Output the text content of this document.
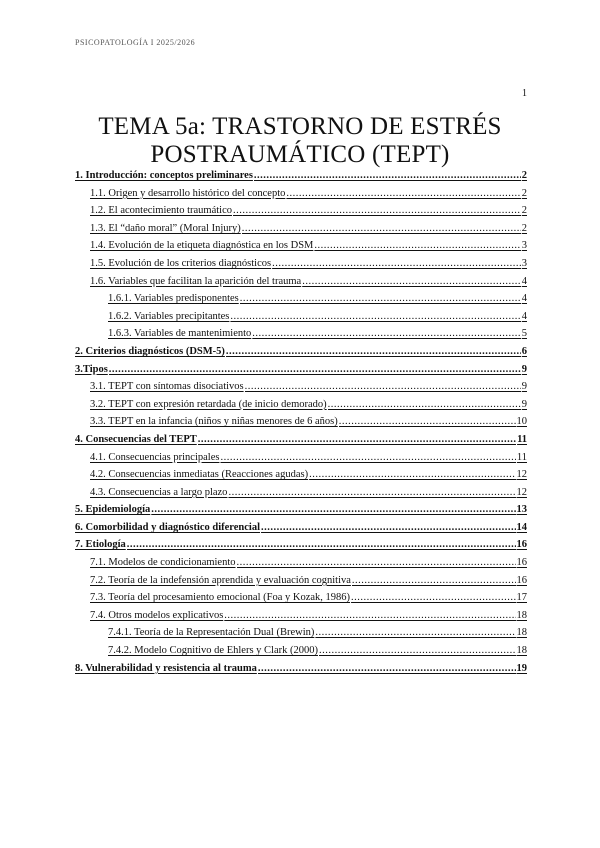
PSICOPATOLOGÍA I 2025/2026
1
TEMA 5a: TRASTORNO DE ESTRÉS
POSTRAUMÁTICO (TEPT)
1. Introducción: conceptos preliminares .....	2
1.1. Origen y desarrollo histórico del concepto .....	2
1.2. El acontecimiento traumático .....	2
1.3. El “daño moral” (Moral Injury) .....	2
1.4. Evolución de la etiqueta diagnóstica en los DSM .....	3
1.5. Evolución de los criterios diagnósticos .....	3
1.6. Variables que facilitan la aparición del trauma .....	4
1.6.1. Variables predisponentes .....	4
1.6.2. Variables precipitantes .....	4
1.6.3. Variables de mantenimiento .....	5
2. Criterios diagnósticos (DSM-5) .....	6
3.Tipos .....	9
3.1. TEPT con síntomas disociativos .....	9
3.2. TEPT con expresión retardada (de inicio demorado) .....	9
3.3. TEPT en la infancia (niños y niñas menores de 6 años) .....	10
4. Consecuencias del TEPT .....	11
4.1. Consecuencias principales .....	11
4.2. Consecuencias inmediatas (Reacciones agudas) .....	12
4.3. Consecuencias a largo plazo .....	12
5. Epidemiología .....	13
6. Comorbilidad y diagnóstico diferencial .....	14
7. Etiología .....	16
7.1. Modelos de condicionamiento .....	16
7.2. Teoría de la indefensión aprendida y evaluación cognitiva .....	16
7.3. Teoría del procesamiento emocional (Foa y Kozak, 1986) .....	17
7.4. Otros modelos explicativos .....	18
7.4.1. Teoría de la Representación Dual (Brewin) .....	18
7.4.2. Modelo Cognitivo de Ehlers y Clark (2000) .....	18
8. Vulnerabilidad y resistencia al trauma .....	19
